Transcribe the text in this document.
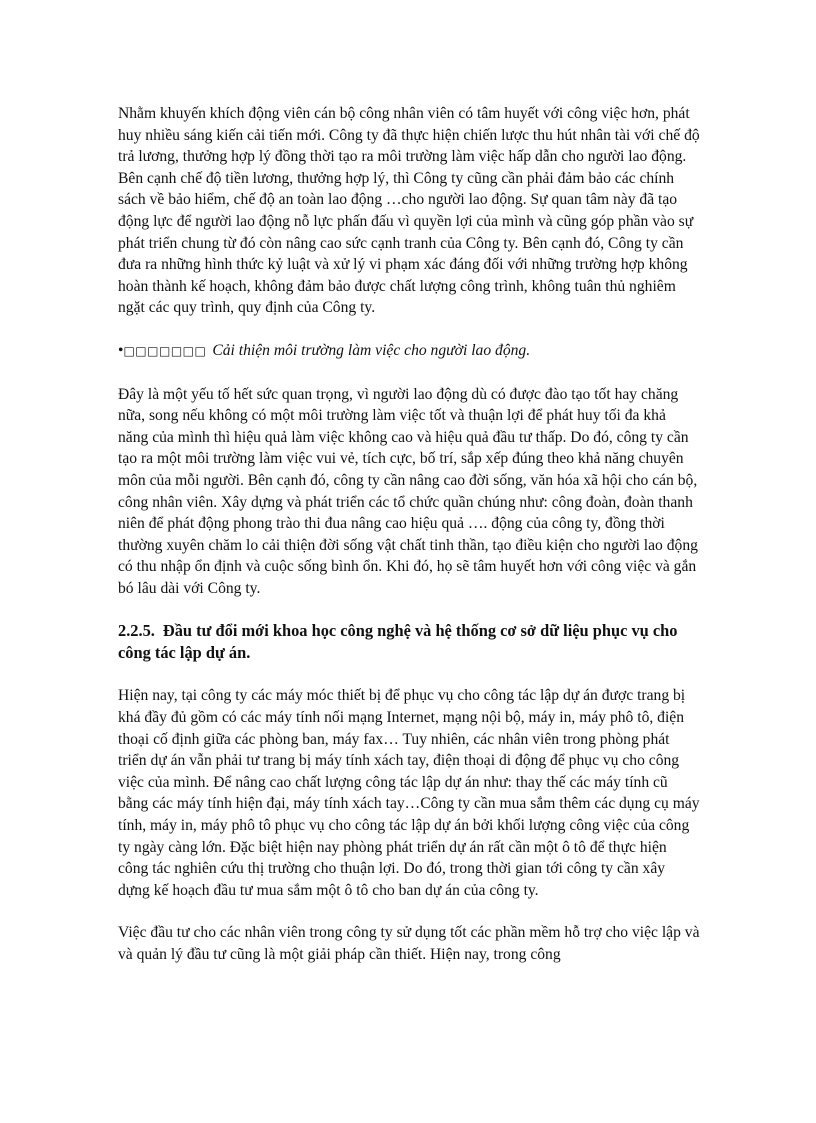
Nhằm khuyến khích động viên cán bộ công nhân viên có tâm huyết với công việc hơn, phát huy nhiều sáng kiến cải tiến mới. Công ty đã thực hiện chiến lược thu hút nhân tài với chế độ trả lương, thưởng hợp lý đồng thời tạo ra môi trường làm việc hấp dẫn cho người lao động. Bên cạnh chế độ tiền lương, thưởng hợp lý, thì Công ty cũng cần phải đảm bảo các chính sách về bảo hiểm, chế độ an toàn lao động …cho người lao động. Sự quan tâm này đã tạo động lực để người lao động nỗ lực phấn đấu vì quyền lợi của mình và cũng góp phần vào sự phát triển chung từ đó còn nâng cao sức cạnh tranh của Công ty. Bên cạnh đó, Công ty cần đưa ra những hình thức kỷ luật và xử lý vi phạm xác đáng đối với những trường hợp không hoàn thành kế hoạch, không đảm bảo được chất lượng công trình, không tuân thủ nghiêm ngặt các quy trình, quy định của Công ty.

•□□□□□□□ Cải thiện môi trường làm việc cho người lao động.

Đây là một yếu tố hết sức quan trọng, vì người lao động dù có được đào tạo tốt hay chăng nữa, song nếu không có một môi trường làm việc tốt và thuận lợi để phát huy tối đa khả năng của mình thì hiệu quả làm việc không cao và hiệu quả đầu tư thấp. Do đó, công ty cần tạo ra một môi trường làm việc vui vẻ, tích cực, bố trí, sắp xếp đúng theo khả năng chuyên môn của mỗi người. Bên cạnh đó, công ty cần nâng cao đời sống, văn hóa xã hội cho cán bộ, công nhân viên. Xây dựng và phát triển các tổ chức quần chúng như: công đoàn, đoàn thanh niên để phát động phong trào thi đua nâng cao hiệu quả …. động của công ty, đồng thời thường xuyên chăm lo cải thiện đời sống vật chất tinh thần, tạo điều kiện cho người lao động có thu nhập ổn định và cuộc sống bình ổn. Khi đó, họ sẽ tâm huyết hơn với công việc và gắn bó lâu dài với Công ty.

2.2.5. Đầu tư đổi mới khoa học công nghệ và hệ thống cơ sở dữ liệu phục vụ cho công tác lập dự án.

Hiện nay, tại công ty các máy móc thiết bị để phục vụ cho công tác lập dự án được trang bị khá đầy đủ gồm có các máy tính nối mạng Internet, mạng nội bộ, máy in, máy phô tô, điện thoại cố định giữa các phòng ban, máy fax… Tuy nhiên, các nhân viên trong phòng phát triển dự án vẫn phải tư trang bị máy tính xách tay, điện thoại di động để phục vụ cho công việc của mình. Để nâng cao chất lượng công tác lập dự án như: thay thế các máy tính cũ bằng các máy tính hiện đại, máy tính xách tay…Công ty cần mua sắm thêm các dụng cụ máy tính, máy in, máy phô tô phục vụ cho công tác lập dự án bởi khối lượng công việc của công ty ngày càng lớn. Đặc biệt hiện nay phòng phát triển dự án rất cần một ô tô để thực hiện công tác nghiên cứu thị trường cho thuận lợi. Do đó, trong thời gian tới công ty cần xây dựng kế hoạch đầu tư mua sắm một ô tô cho ban dự án của công ty.

Việc đầu tư cho các nhân viên trong công ty sử dụng tốt các phần mềm hỗ trợ cho việc lập và và quản lý đầu tư cũng là một giải pháp cần thiết. Hiện nay, trong công
